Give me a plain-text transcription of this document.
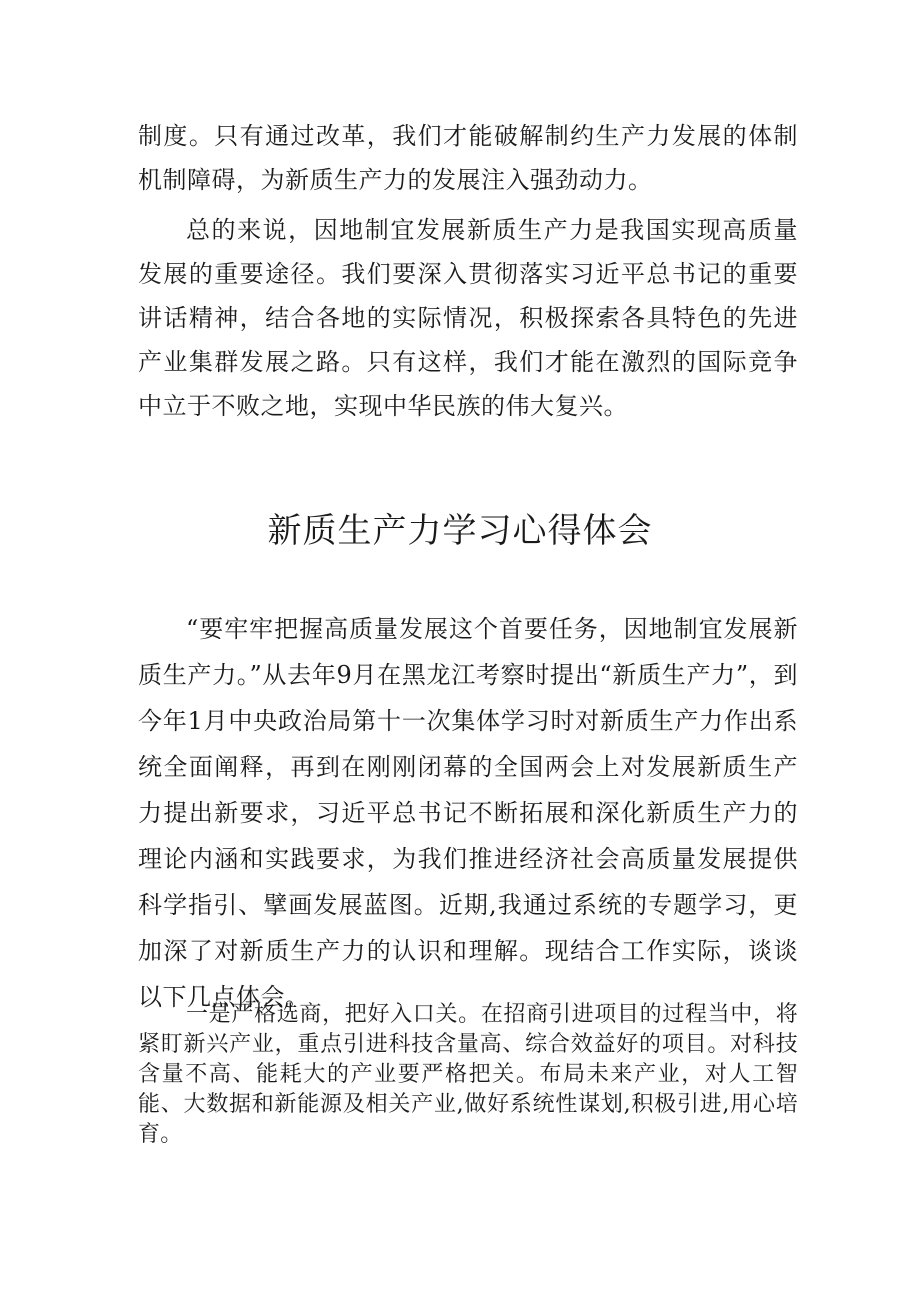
制度。只有通过改革，我们才能破解制约生产力发展的体制机制障碍，为新质生产力的发展注入强劲动力。

总的来说，因地制宜发展新质生产力是我国实现高质量发展的重要途径。我们要深入贯彻落实习近平总书记的重要讲话精神，结合各地的实际情况，积极探索各具特色的先进产业集群发展之路。只有这样，我们才能在激烈的国际竞争中立于不败之地，实现中华民族的伟大复兴。

新质生产力学习心得体会

“要牢牢把握高质量发展这个首要任务，因地制宜发展新质生产力。”从去年9月在黑龙江考察时提出“新质生产力”，到今年1月中央政治局第十一次集体学习时对新质生产力作出系统全面阐释，再到在刚刚闭幕的全国两会上对发展新质生产力提出新要求，习近平总书记不断拓展和深化新质生产力的理论内涵和实践要求，为我们推进经济社会高质量发展提供科学指引、擘画发展蓝图。近期,我通过系统的专题学习，更加深了对新质生产力的认识和理解。现结合工作实际，谈谈以下几点体会。

一是严格选商，把好入口关。在招商引进项目的过程当中，将紧盯新兴产业，重点引进科技含量高、综合效益好的项目。对科技含量不高、能耗大的产业要严格把关。布局未来产业，对人工智能、大数据和新能源及相关产业,做好系统性谋划,积极引进,用心培育。
